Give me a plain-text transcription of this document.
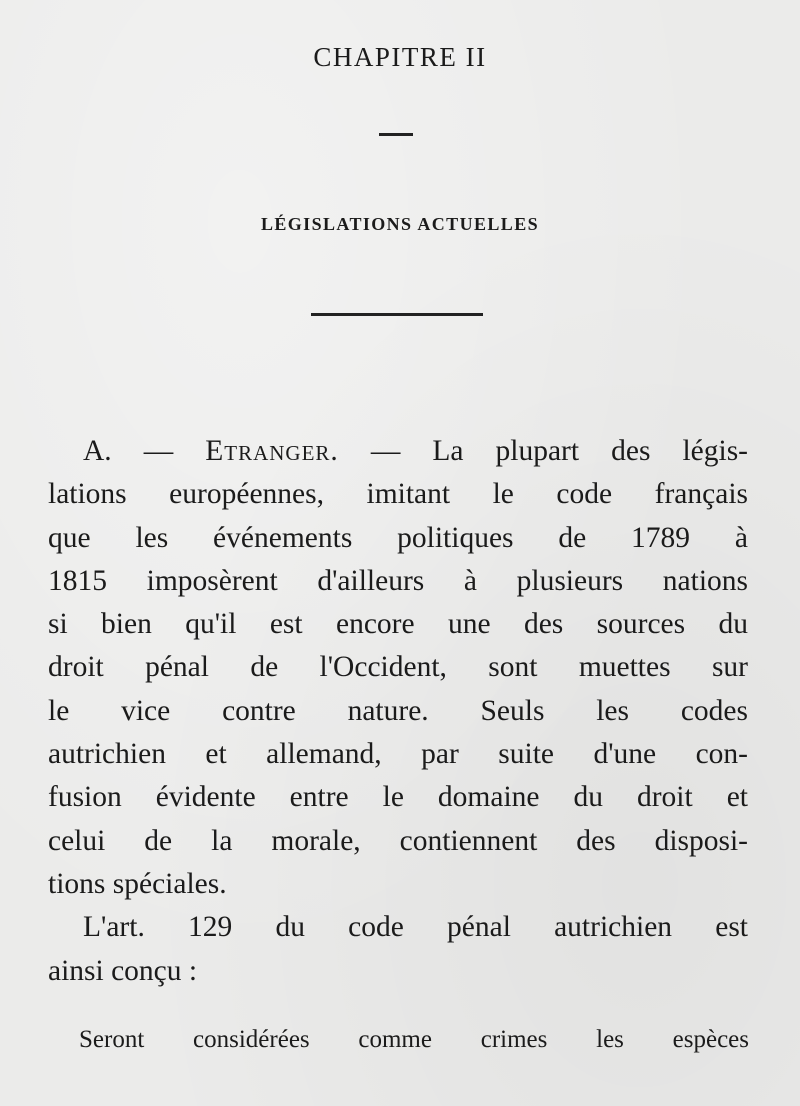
CHAPITRE II
LÉGISLATIONS ACTUELLES
A. — Etranger. — La plupart des légis-
lations européennes, imitant le code français
que les événements politiques de 1789 à
1815 imposèrent d'ailleurs à plusieurs nations
si bien qu'il est encore une des sources du
droit pénal de l'Occident, sont muettes sur
le vice contre nature. Seuls les codes
autrichien et allemand, par suite d'une con-
fusion évidente entre le domaine du droit et
celui de la morale, contiennent des disposi-
tions spéciales.
L'art. 129 du code pénal autrichien est
ainsi conçu :
Seront considérées comme crimes les espèces
